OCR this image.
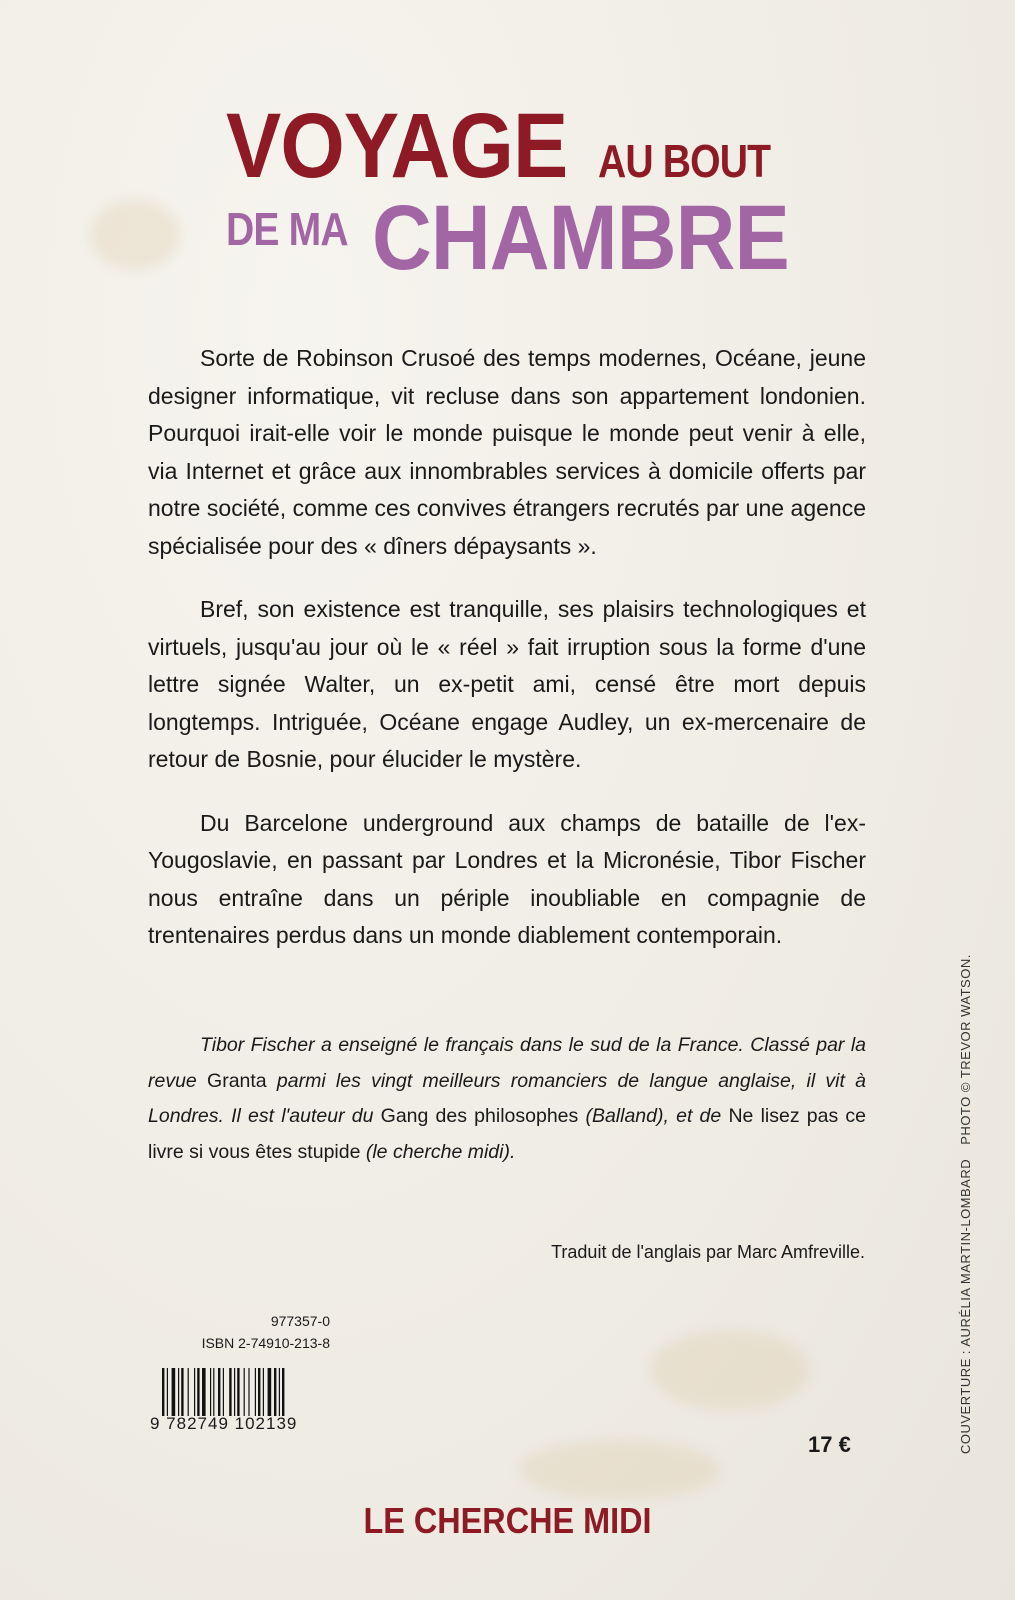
VOYAGE AU BOUT
DE MA CHAMBRE

Sorte de Robinson Crusoé des temps modernes, Océane, jeune designer informatique, vit recluse dans son appartement londonien. Pourquoi irait-elle voir le monde puisque le monde peut venir à elle, via Internet et grâce aux innombrables services à domicile offerts par notre société, comme ces convives étrangers recrutés par une agence spécialisée pour des « dîners dépaysants ».

Bref, son existence est tranquille, ses plaisirs technologiques et virtuels, jusqu'au jour où le « réel » fait irruption sous la forme d'une lettre signée Walter, un ex-petit ami, censé être mort depuis longtemps. Intriguée, Océane engage Audley, un ex-mercenaire de retour de Bosnie, pour élucider le mystère.

Du Barcelone underground aux champs de bataille de l'ex-Yougoslavie, en passant par Londres et la Micronésie, Tibor Fischer nous entraîne dans un périple inoubliable en compagnie de trentenaires perdus dans un monde diablement contemporain.

Tibor Fischer a enseigné le français dans le sud de la France. Classé par la revue Granta parmi les vingt meilleurs romanciers de langue anglaise, il vit à Londres. Il est l'auteur du Gang des philosophes (Balland), et de Ne lisez pas ce livre si vous êtes stupide (le cherche midi).

Traduit de l'anglais par Marc Amfreville.
977357-0
ISBN 2-74910-213-8
9 782749 102139
17 €
LE CHERCHE MIDI
COUVERTURE : AURÉLIA MARTIN-LOMBARD PHOTO © TREVOR WATSON.
